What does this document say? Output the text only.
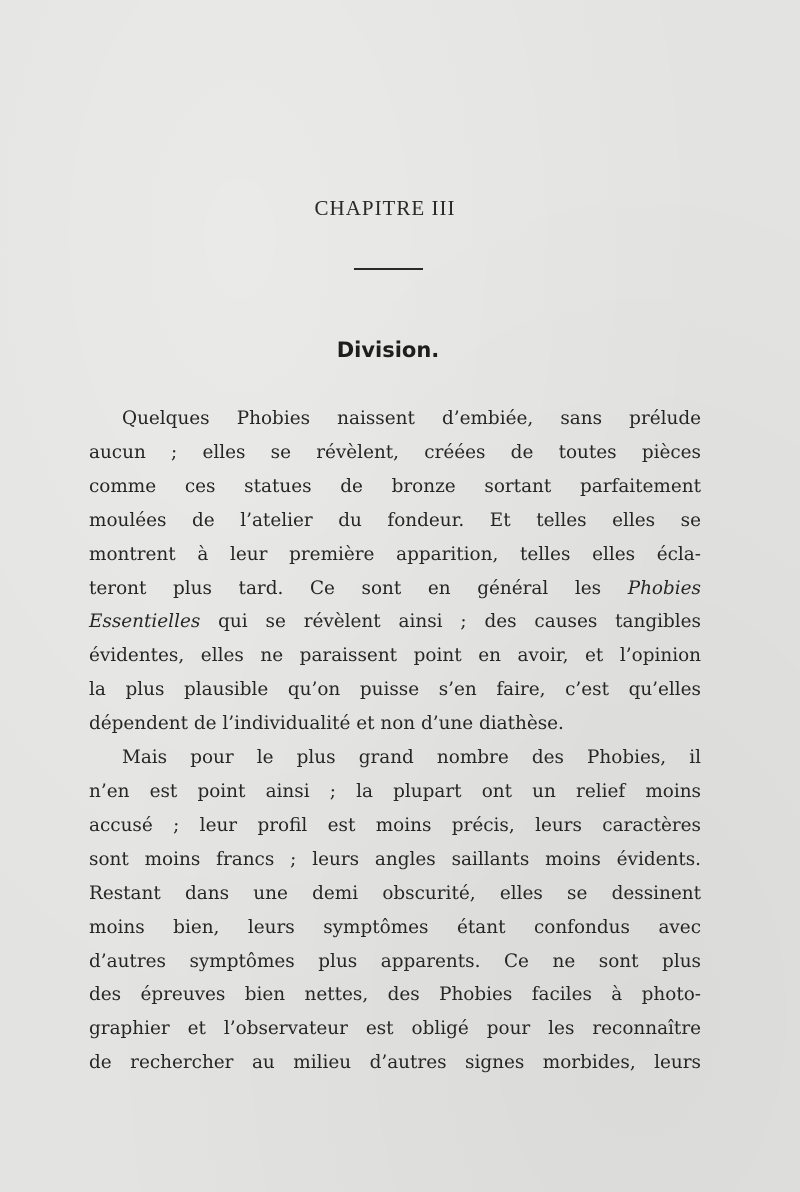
CHAPITRE III
Division.

Quelques Phobies naissent d’embiée, sans prélude
aucun ; elles se révèlent, créées de toutes pièces
comme ces statues de bronze sortant parfaitement
moulées de l’atelier du fondeur. Et telles elles se
montrent à leur première apparition, telles elles écla-
teront plus tard. Ce sont en général les Phobies
Essentielles qui se révèlent ainsi ; des causes tangibles
évidentes, elles ne paraissent point en avoir, et l’opinion
la plus plausible qu’on puisse s’en faire, c’est qu’elles
dépendent de l’individualité et non d’une diathèse.

Mais pour le plus grand nombre des Phobies, il
n’en est point ainsi ; la plupart ont un relief moins
accusé ; leur profil est moins précis, leurs caractères
sont moins francs ; leurs angles saillants moins évidents.
Restant dans une demi obscurité, elles se dessinent
moins bien, leurs symptômes étant confondus avec
d’autres symptômes plus apparents. Ce ne sont plus
des épreuves bien nettes, des Phobies faciles à photo-
graphier et l’observateur est obligé pour les reconnaître
de rechercher au milieu d’autres signes morbides, leurs
